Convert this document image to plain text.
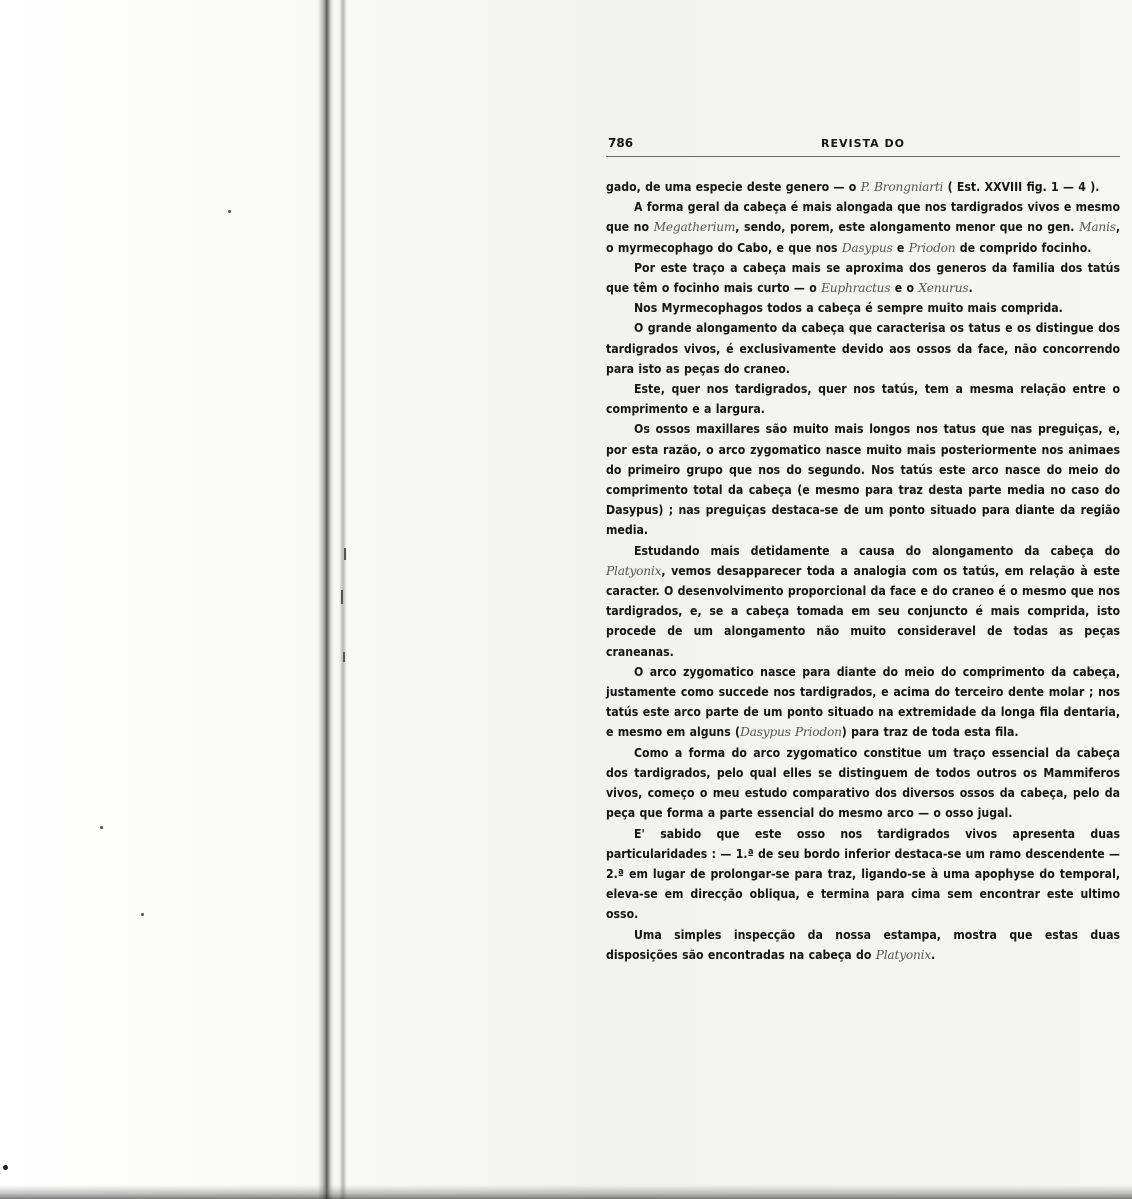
786	REVISTA DO

gado, de uma especie deste genero — o P. Brongniarti ( Est. XXVIII fig. 1 — 4 ).

A forma geral da cabeça é mais alongada que nos tardigrados vivos e mesmo que no Megatherium, sendo, porem, este alongamento menor que no gen. Manis, o myrmecophago do Cabo, e que nos Dasypus e Priodon de comprido focinho.

Por este traço a cabeça mais se aproxima dos generos da familia dos tatús que têm o focinho mais curto — o Euphractus e o Xenurus.

Nos Myrmecophagos todos a cabeça é sempre muito mais comprida.

O grande alongamento da cabeça que caracterisa os tatus e os distingue dos tardigrados vivos, é exclusivamente devido aos ossos da face, não concorrendo para isto as peças do craneo.

Este, quer nos tardigrados, quer nos tatús, tem a mesma relação entre o comprimento e a largura.

Os ossos maxillares são muito mais longos nos tatus que nas preguiças, e, por esta razão, o arco zygomatico nasce muito mais posteriormente nos animaes do primeiro grupo que nos do segundo. Nos tatús este arco nasce do meio do comprimento total da cabeça (e mesmo para traz desta parte media no caso do Dasypus) ; nas preguiças destaca-se de um ponto situado para diante da região media.

Estudando mais detidamente a causa do alongamento da cabeça do Platyonix, vemos desapparecer toda a analogia com os tatús, em relação à este caracter. O desenvolvimento proporcional da face e do craneo é o mesmo que nos tardigrados, e, se a cabeça tomada em seu conjuncto é mais comprida, isto procede de um alongamento não muito consideravel de todas as peças craneanas.

O arco zygomatico nasce para diante do meio do comprimento da cabeça, justamente como succede nos tardigrados, e acima do terceiro dente molar ; nos tatús este arco parte de um ponto situado na extremidade da longa fila dentaria, e mesmo em alguns (Dasypus Priodon) para traz de toda esta fila.

Como a forma do arco zygomatico constitue um traço essencial da cabeça dos tardigrados, pelo qual elles se distinguem de todos outros os Mammiferos vivos, começo o meu estudo comparativo dos diversos ossos da cabeça, pelo da peça que forma a parte essencial do mesmo arco — o osso jugal.

E' sabido que este osso nos tardigrados vivos apresenta duas particularidades : — 1.ª de seu bordo inferior destaca-se um ramo descendente — 2.ª em lugar de prolongar-se para traz, ligando-se à uma apophyse do temporal, eleva-se em direcção obliqua, e termina para cima sem encontrar este ultimo osso.

Uma simples inspecção da nossa estampa, mostra que estas duas disposições são encontradas na cabeça do Platyonix.
